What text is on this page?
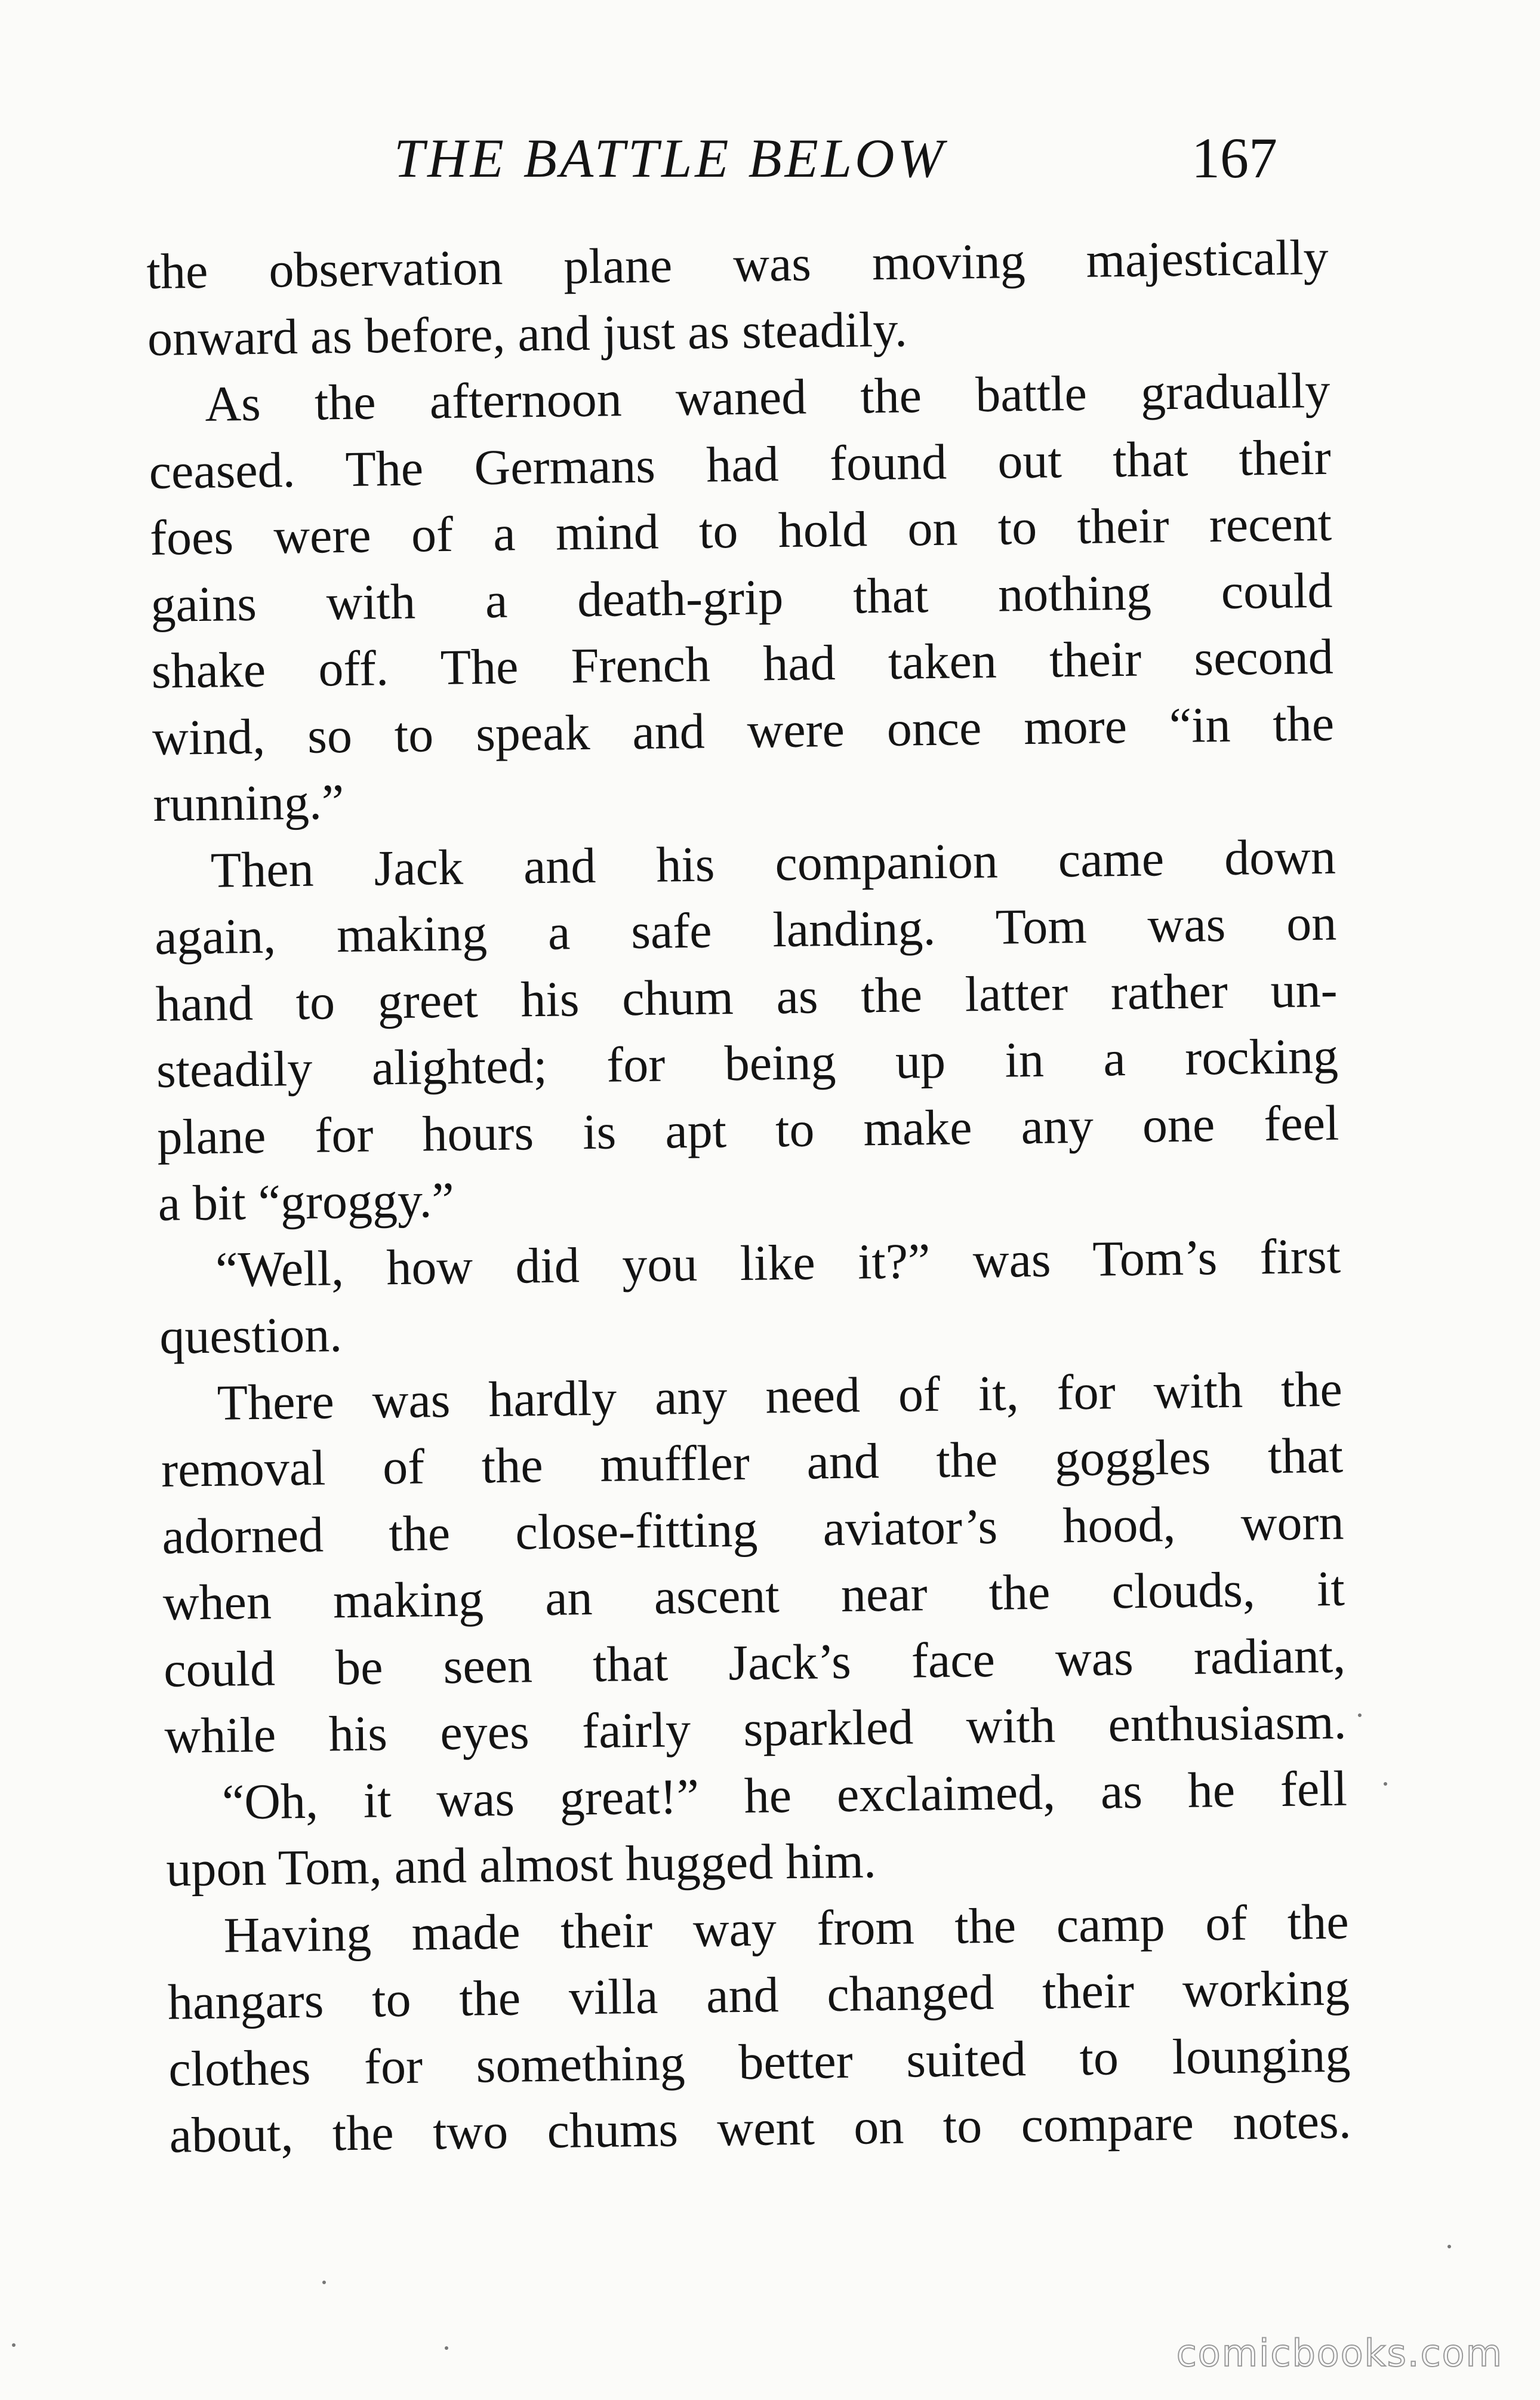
THE BATTLE BELOW	167
the observation plane was moving majestically
onward as before, and just as steadily.
As the afternoon waned the battle gradually
ceased. The Germans had found out that their
foes were of a mind to hold on to their recent
gains with a death-grip that nothing could
shake off. The French had taken their second
wind, so to speak and were once more “in the
running.”
Then Jack and his companion came down
again, making a safe landing. Tom was on
hand to greet his chum as the latter rather un-
steadily alighted; for being up in a rocking
plane for hours is apt to make any one feel
a bit “groggy.”
“Well, how did you like it?” was Tom’s first
question.
There was hardly any need of it, for with the
removal of the muffler and the goggles that
adorned the close-fitting aviator’s hood, worn
when making an ascent near the clouds, it
could be seen that Jack’s face was radiant,
while his eyes fairly sparkled with enthusiasm.
“Oh, it was great!” he exclaimed, as he fell
upon Tom, and almost hugged him.
Having made their way from the camp of the
hangars to the villa and changed their working
clothes for something better suited to lounging
about, the two chums went on to compare notes.
comicbooks.com
